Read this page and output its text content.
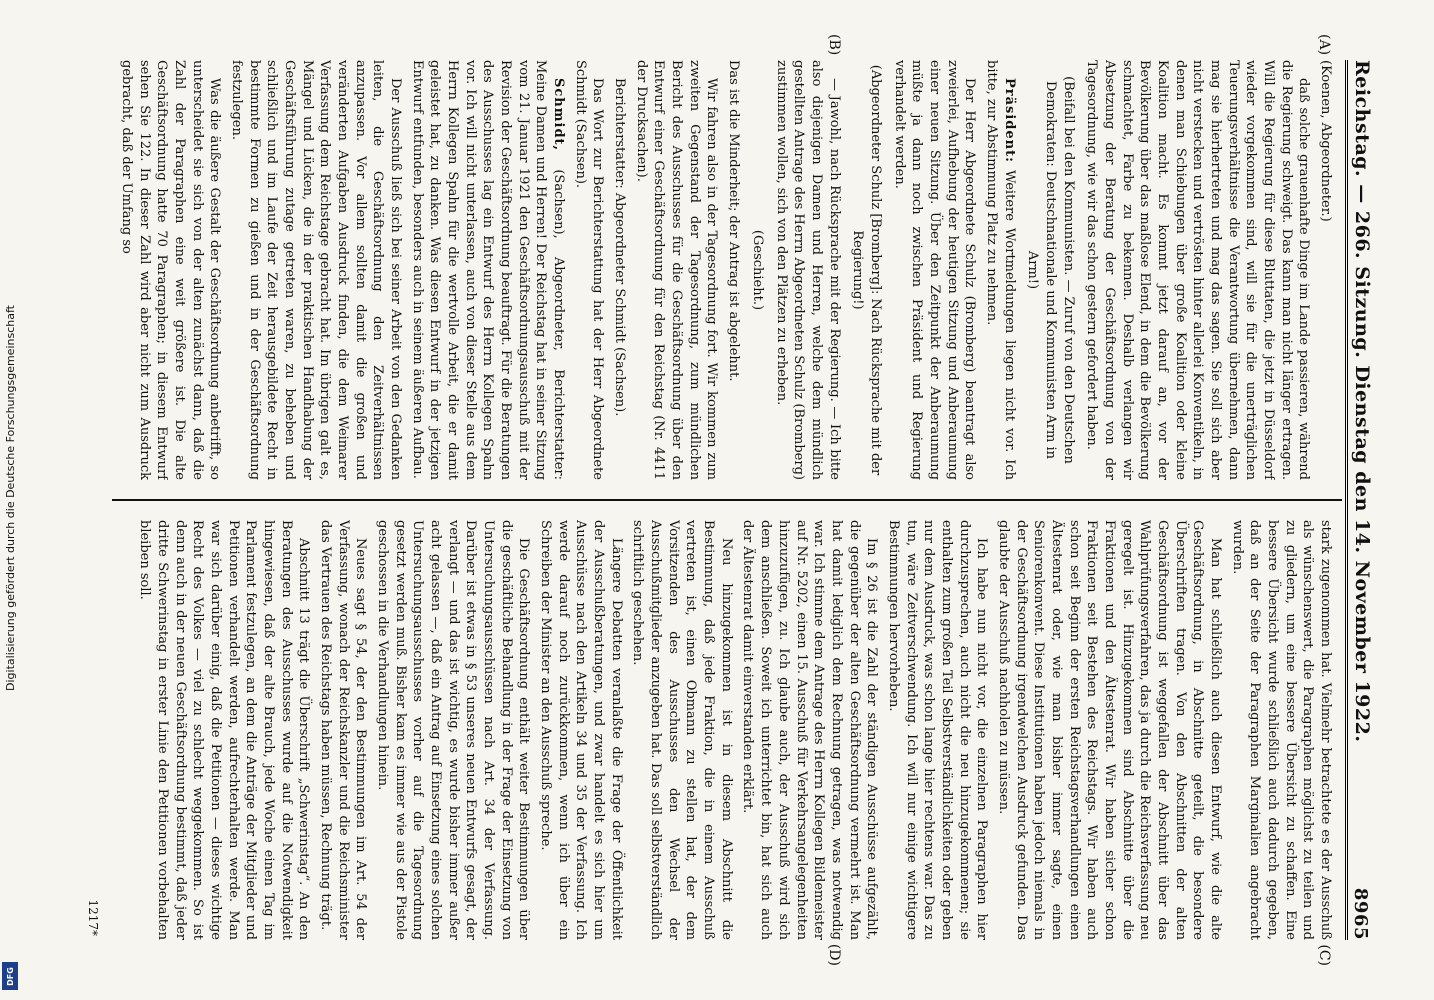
Digitalisierung gefördert durch die Deutsche Forschungsgemeinschaft
DFG
Reichstag. — 266. Sitzung. Dienstag den 14. November 1922.
8965
(A)
(B)
(C)
(D)

(Koenen, Abgeordneter.)

daß solche grauenhafte Dinge im Lande passieren, während die Regierung schweigt. Das kann man nicht länger ertragen. Will die Regierung für diese Bluttaten, die jetzt in Düsseldorf wieder vorgekommen sind, will sie für die unerträglichen Teuerungsverhältnisse die Verantwortung übernehmen, dann mag sie hierhertreten und mag das sagen. Sie soll sich aber nicht verstecken und vertrösten hinter allerlei Konventikeln, in denen man Schiebungen über große Koalition oder kleine Koalition macht. Es kommt jetzt darauf an, vor der Bevölkerung über das maßlose Elend, in dem die Bevölkerung schmachtet, Farbe zu bekennen. Deshalb verlangen wir Absetzung der Beratung der Geschäftsordnung von der Tagesordnung, wie wir das schon gestern gefordert haben.

(Beifall bei den Kommunisten. — Zuruf von den Deutschen Demokraten: Deutschnationale und Kommunisten Arm in Arm!)

Präsident: Weitere Wortmeldungen liegen nicht vor. Ich bitte, zur Abstimmung Platz zu nehmen.

Der Herr Abgeordnete Schulz (Bromberg) beantragt also zweierlei, Aufhebung der heutigen Sitzung und Anberaumung einer neuen Sitzung. Über den Zeitpunkt der Anberaumung müßte ja dann noch zwischen Präsident und Regierung verhandelt werden.

(Abgeordneter Schulz [Bromberg]: Nach Rücksprache mit der Regierung!)

— Jawohl, nach Rücksprache mit der Regierung. — Ich bitte also diejenigen Damen und Herren, welche dem mündlich gestellten Antrage des Herrn Abgeordneten Schulz (Bromberg) zustimmen wollen, sich von den Plätzen zu erheben.

(Geschieht.)

Das ist die Minderheit; der Antrag ist abgelehnt.

Wir fahren also in der Tagesordnung fort. Wir kommen zum zweiten Gegenstand der Tagesordnung, zum mündlichen Bericht des Ausschusses für die Geschäftsordnung über den Entwurf einer Geschäftsordnung für den Reichstag (Nr. 4411 der Drucksachen).

Berichterstatter: Abgeordneter Schmidt (Sachsen).

Das Wort zur Berichterstattung hat der Herr Abgeordnete Schmidt (Sachsen).

Schmidt, (Sachsen), Abgeordneter, Berichterstatter: Meine Damen und Herren! Der Reichstag hat in seiner Sitzung vom 21. Januar 1921 den Geschäftsordnungsausschuß mit der Revision der Geschäftsordnung beauftragt. Für die Beratungen des Ausschusses lag ein Entwurf des Herrn Kollegen Spahn vor. Ich will nicht unterlassen, auch von dieser Stelle aus dem Herrn Kollegen Spahn für die wertvolle Arbeit, die er damit geleistet hat, zu danken. Was diesen Entwurf in der jetzigen Entwurf entfunden, besonders auch in seinem äußeren Aufbau.

Der Ausschuß ließ sich bei seiner Arbeit von den Gedanken leiten, die Geschäftsordnung den Zeitverhältnissen anzupassen. Vor allem sollten damit die großen und veränderten Aufgaben Ausdruck finden, die dem Weimarer Verfassung dem Reichstage gebracht hat. Im übrigen galt es, Mängel und Lücken, die in der praktischen Handhabung der Geschäftsführung zutage getreten waren, zu beheben und schließlich und im Laufe der Zeit herausgebildete Recht in bestimmte Formen zu gießen und in der Geschäftsordnung festzulegen.

Was die äußere Gestalt der Geschäftsordnung anbetrifft, so unterscheidet sie sich von der alten zunächst dann, daß die Zahl der Paragraphen eine weit größere ist. Die alte Geschäftsordnung hatte 70 Paragraphen; in diesem Entwurf sehen Sie 122. In dieser Zahl wird aber nicht zum Ausdruck gebracht, daß der Umfang so

stark zugenommen hat. Vielmehr betrachtete es der Ausschuß als wünschenswert, die Paragraphen möglichst zu teilen und zu gliedern, um eine bessere Übersicht zu schaffen. Eine bessere Übersicht wurde schließlich auch dadurch gegeben, daß an der Seite der Paragraphen Marginalien angebracht wurden.

Man hat schließlich auch diesen Entwurf, wie die alte Geschäftsordnung, in Abschnitte geteilt, die besondere Überschriften tragen. Von den Abschnitten der alten Geschäftsordnung ist weggefallen der Abschnitt über das Wahlprüfungsverfahren, das ja durch die Reichsverfassung neu geregelt ist. Hinzugekommen sind Abschnitte über die Fraktionen und den Ältestenrat. Wir haben sicher schon Fraktionen seit Bestehen des Reichstags. Wir haben auch schon seit Beginn der ersten Reichstagsverhandlungen einen Ältestenrat oder, wie man bisher immer sagte, einen Seniorenkonvent. Diese Institutionen haben jedoch niemals in der Geschäftsordnung irgendwelchen Ausdruck gefunden. Das glaubte der Ausschuß nachholen zu müssen.

Ich habe nun nicht vor, die einzelnen Paragraphen hier durchzusprechen, auch nicht die neu hinzugekommenen; sie enthalten zum großen Teil Selbstverständlichkeiten oder geben nur dem Ausdruck, was schon lange hier rechtens war. Das zu tun, wäre Zeitverschwendung. Ich will nur einige wichtigere Bestimmungen hervorheben.

Im § 26 ist die Zahl der ständigen Ausschüsse aufgezählt, die gegenüber der alten Geschäftsordnung vermehrt ist. Man hat damit lediglich dem Rechnung getragen, was notwendig war. Ich stimme dem Antrage des Herrn Kollegen Bildemeister auf Nr. 5202, einen 15. Ausschuß für Verkehrsangelegenheiten hinzuzufügen, zu. Ich glaube auch, der Ausschuß wird sich dem anschließen. Soweit ich unterrichtet bin, hat sich auch der Ältestenrat damit einverstanden erklärt.

Neu hinzugekommen ist in diesem Abschnitt die Bestimmung, daß jede Fraktion, die in einem Ausschuß vertreten ist, einen Obmann zu stellen hat, der dem Vorsitzenden des Ausschusses den Wechsel der Ausschußmitglieder anzugeben hat. Das soll selbstverständlich schriftlich geschehen.

Längere Debatten veranlaßte die Frage der Öffentlichkeit der Ausschußberatungen, und zwar handelt es sich hier um Ausschüsse nach den Artikeln 34 und 35 der Verfassung. Ich werde darauf noch zurückkommen, wenn ich über ein Schreiben der Minister an den Ausschuß spreche.

Die Geschäftsordnung enthält weiter Bestimmungen über die geschäftliche Behandlung in der Frage der Einsetzung von Untersuchungsausschüssen nach Art. 34 der Verfassung. Darüber ist etwas in § 53 unseres neuen Entwurfs gesagt, der verlangt — und das ist wichtig, es wurde bisher immer außer acht gelassen —, daß ein Antrag auf Einsetzung eines solchen Untersuchungsausschusses vorher auf die Tagesordnung gesetzt werden muß. Bisher kam es immer wie aus der Pistole geschossen in die Verhandlungen hinein.

Neues sagt § 54, der den Bestimmungen im Art. 54 der Verfassung, wonach der Reichskanzler und die Reichsminister das Vertrauen des Reichstags haben müssen, Rechnung trägt.

Abschnitt 13 trägt die Überschrift „Schwerinstag“. An den Beratungen des Ausschusses wurde auf die Notwendigkeit hingewiesen, daß der alte Brauch, jede Woche einen Tag im Parlament festzulegen, an dem die Anträge der Mitglieder und Petitionen verhandelt werden, aufrechterhalten werde. Man war sich darüber einig, daß die Petitionen — dieses wichtige Recht des Volkes — viel zu schlecht weggekommen. So ist denn auch in der neuen Geschäftsordnung bestimmt, daß jeder dritte Schwerinstag in erster Linie den Petitionen vorbehalten bleiben soll.

1217*
